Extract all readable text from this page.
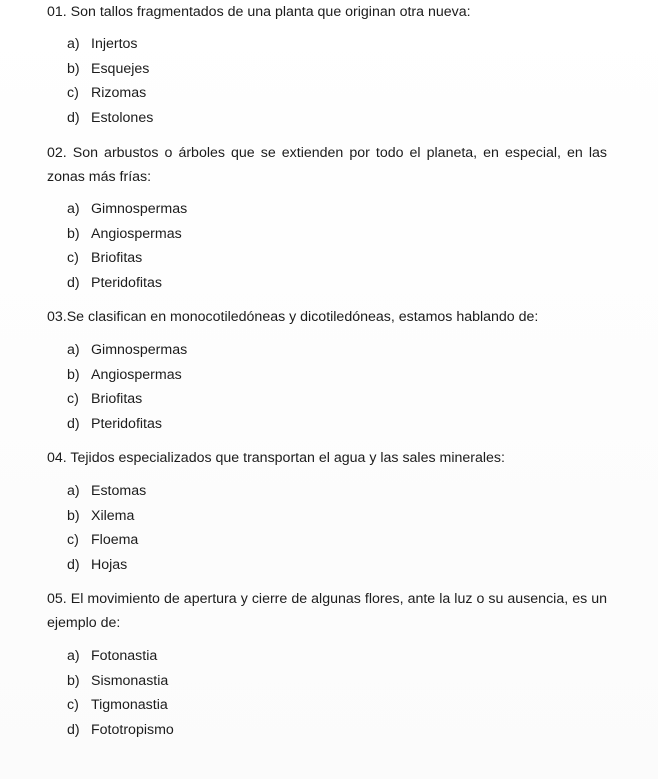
01. Son tallos fragmentados de una planta que originan otra nueva:

a) Injertos
b) Esquejes
c) Rizomas
d) Estolones

02. Son arbustos o árboles que se extienden por todo el planeta, en especial, en las zonas más frías:

a) Gimnospermas
b) Angiospermas
c) Briofitas
d) Pteridofitas

03.Se clasifican en monocotiledóneas y dicotiledóneas, estamos hablando de:

a) Gimnospermas
b) Angiospermas
c) Briofitas
d) Pteridofitas

04. Tejidos especializados que transportan el agua y las sales minerales:

a) Estomas
b) Xilema
c) Floema
d) Hojas

05. El movimiento de apertura y cierre de algunas flores, ante la luz o su ausencia, es un ejemplo de:

a) Fotonastia
b) Sismonastia
c) Tigmonastia
d) Fototropismo
